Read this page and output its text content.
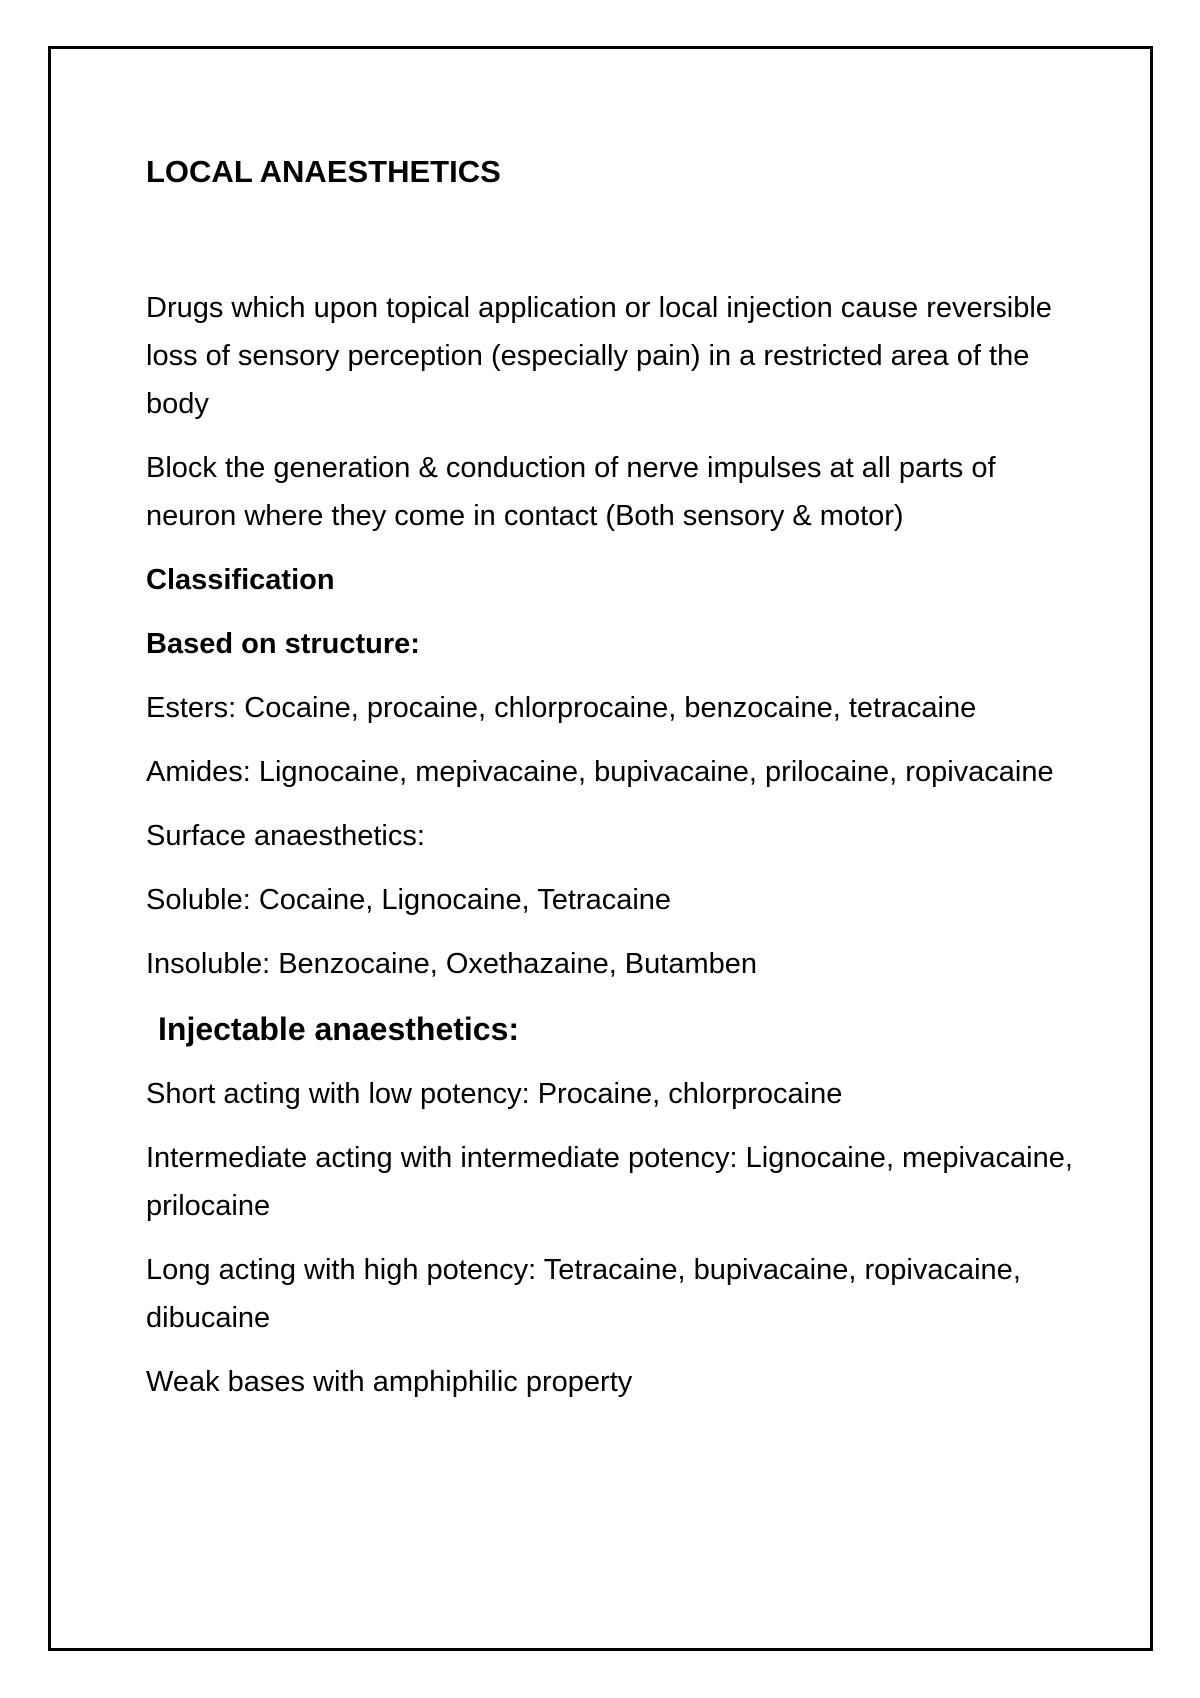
LOCAL ANAESTHETICS
Drugs which upon topical application or local injection cause reversible loss of sensory perception (especially pain) in a restricted area of the body
Block the generation & conduction of nerve impulses at all parts of neuron where they come in contact (Both sensory & motor)
Classification
Based on structure:
Esters: Cocaine, procaine, chlorprocaine, benzocaine, tetracaine
Amides: Lignocaine, mepivacaine, bupivacaine, prilocaine, ropivacaine
Surface anaesthetics:
Soluble: Cocaine, Lignocaine, Tetracaine
Insoluble: Benzocaine, Oxethazaine, Butamben
Injectable anaesthetics:
Short acting with low potency: Procaine, chlorprocaine
Intermediate acting with intermediate potency: Lignocaine, mepivacaine, prilocaine
Long acting with high potency: Tetracaine, bupivacaine, ropivacaine, dibucaine
Weak bases with amphiphilic property
